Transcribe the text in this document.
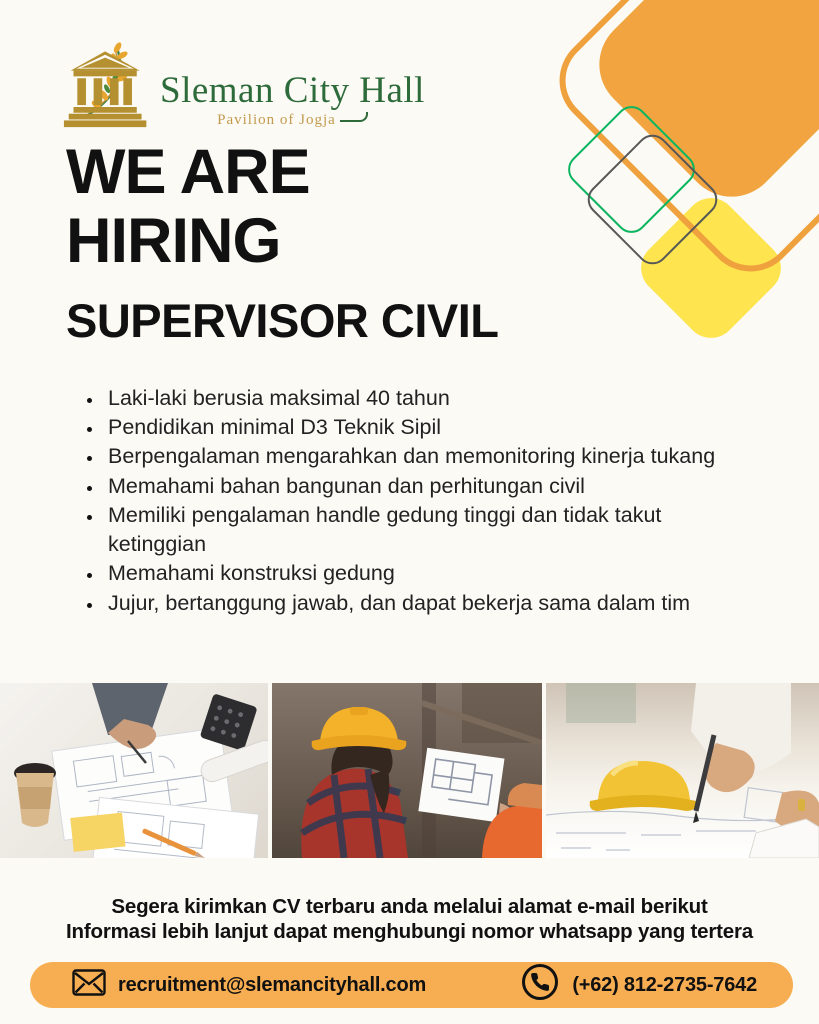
Sleman City Hall
Pavilion of Jogja
WE ARE
HIRING
SUPERVISOR CIVIL
• Laki-laki berusia maksimal 40 tahun
• Pendidikan minimal D3 Teknik Sipil
• Berpengalaman mengarahkan dan memonitoring kinerja tukang
• Memahami bahan bangunan dan perhitungan civil
• Memiliki pengalaman handle gedung tinggi dan tidak takut ketinggian
• Memahami konstruksi gedung
• Jujur, bertanggung jawab, dan dapat bekerja sama dalam tim

Segera kirimkan CV terbaru anda melalui alamat e-mail berikut

Informasi lebih lanjut dapat menghubungi nomor whatsapp yang tertera

recruitment@slemancityhall.com	(+62) 812-2735-7642
